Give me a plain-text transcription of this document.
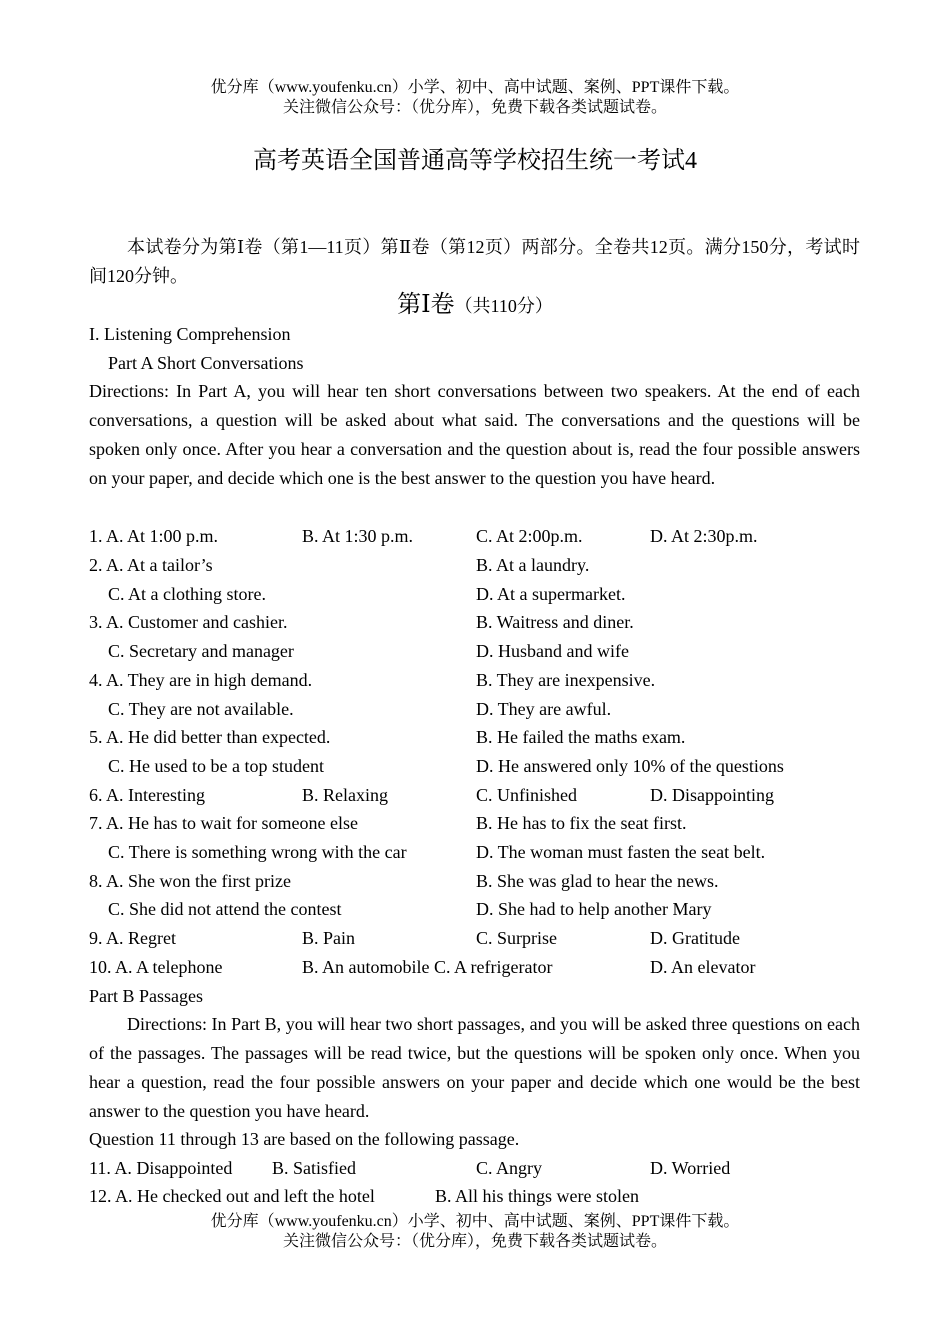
优分库（www.youfenku.cn）小学、初中、高中试题、案例、PPT课件下载。
关注微信公众号：（优分库），免费下载各类试题试卷。
高考英语全国普通高等学校招生统一考试4
本试卷分为第Ⅰ卷（第1—11页）第Ⅱ卷（第12页）两部分。全卷共12页。满分150分，考试时间120分钟。
第Ⅰ卷（共110分）
I. Listening Comprehension
Part A Short Conversations
Directions: In Part A, you will hear ten short conversations between two speakers. At the end of each conversations, a question will be asked about what said. The conversations and the questions will be spoken only once. After you hear a conversation and the question about is, read the four possible answers on your paper, and decide which one is the best answer to the question you have heard.
1. A. At 1:00 p.m.	B. At 1:30 p.m.	C. At 2:00p.m.	D. At 2:30p.m.
2. A. At a tailor’s	B. At a laundry.
C. At a clothing store.	D. At a supermarket.
3. A. Customer and cashier.	B. Waitress and diner.
C. Secretary and manager	D. Husband and wife
4. A. They are in high demand.	B. They are inexpensive.
C. They are not available.	D. They are awful.
5. A. He did better than expected.	B. He failed the maths exam.
C. He used to be a top student	D. He answered only 10% of the questions
6. A. Interesting	B. Relaxing	C. Unfinished	D. Disappointing
7. A. He has to wait for someone else	B. He has to fix the seat first.
C. There is something wrong with the car	D. The woman must fasten the seat belt.
8. A. She won the first prize	B. She was glad to hear the news.
C. She did not attend the contest	D. She had to help another Mary
9. A. Regret	B. Pain	C. Surprise	D. Gratitude
10. A. A telephone	B. An automobile C. A refrigerator	D. An elevator
Part B Passages
Directions: In Part B, you will hear two short passages, and you will be asked three questions on each of the passages. The passages will be read twice, but the questions will be spoken only once. When you hear a question, read the four possible answers on your paper and decide which one would be the best answer to the question you have heard.
Question 11 through 13 are based on the following passage.
11. A. Disappointed B. Satisfied	C. Angry	D. Worried
12. A. He checked out and left the hotel	B. All his things were stolen
优分库（www.youfenku.cn）小学、初中、高中试题、案例、PPT课件下载。
关注微信公众号：（优分库），免费下载各类试题试卷。
